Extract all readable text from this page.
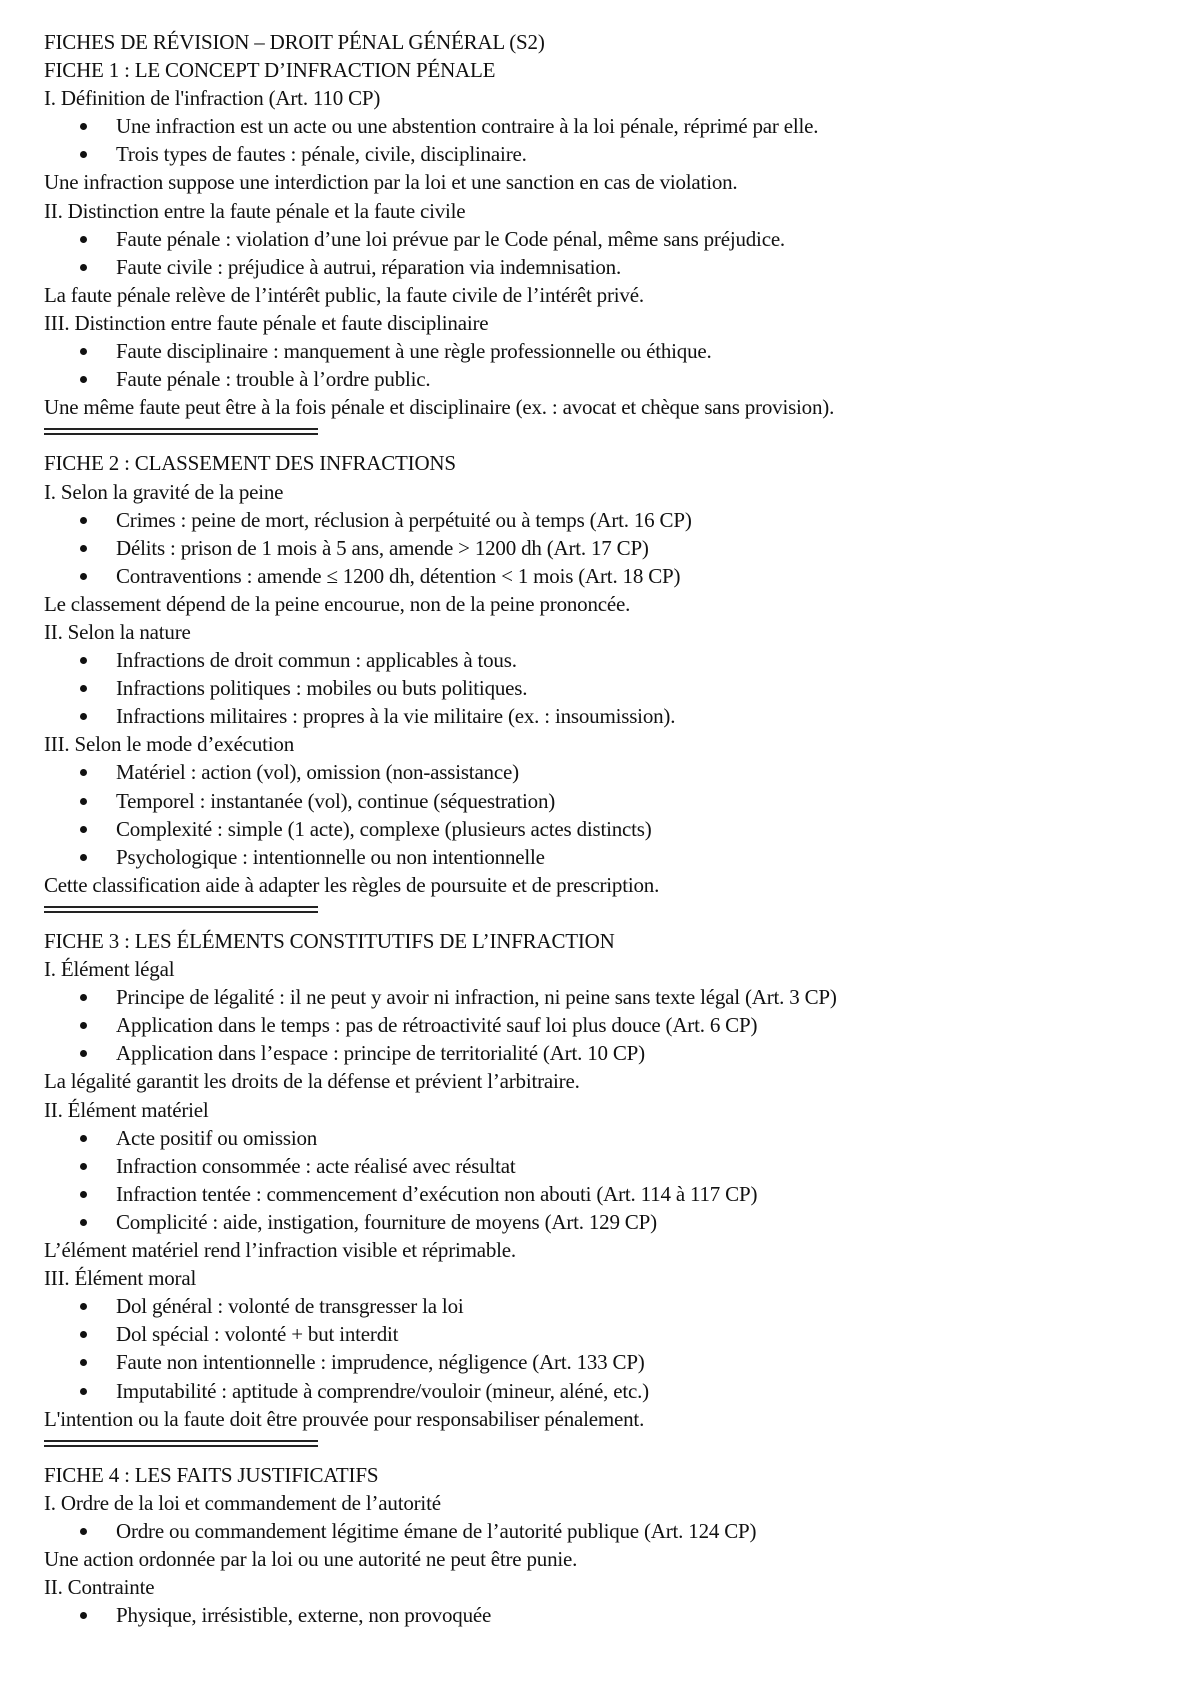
FICHES DE RÉVISION – DROIT PÉNAL GÉNÉRAL (S2)
FICHE 1 : LE CONCEPT D’INFRACTION PÉNALE
I. Définition de l'infraction (Art. 110 CP)
Une infraction est un acte ou une abstention contraire à la loi pénale, réprimé par elle.
Trois types de fautes : pénale, civile, disciplinaire.
Une infraction suppose une interdiction par la loi et une sanction en cas de violation.
II. Distinction entre la faute pénale et la faute civile
Faute pénale : violation d’une loi prévue par le Code pénal, même sans préjudice.
Faute civile : préjudice à autrui, réparation via indemnisation.
La faute pénale relève de l’intérêt public, la faute civile de l’intérêt privé.
III. Distinction entre faute pénale et faute disciplinaire
Faute disciplinaire : manquement à une règle professionnelle ou éthique.
Faute pénale : trouble à l’ordre public.
Une même faute peut être à la fois pénale et disciplinaire (ex. : avocat et chèque sans provision).
FICHE 2 : CLASSEMENT DES INFRACTIONS
I. Selon la gravité de la peine
Crimes : peine de mort, réclusion à perpétuité ou à temps (Art. 16 CP)
Délits : prison de 1 mois à 5 ans, amende > 1200 dh (Art. 17 CP)
Contraventions : amende ≤ 1200 dh, détention < 1 mois (Art. 18 CP)
Le classement dépend de la peine encourue, non de la peine prononcée.
II. Selon la nature
Infractions de droit commun : applicables à tous.
Infractions politiques : mobiles ou buts politiques.
Infractions militaires : propres à la vie militaire (ex. : insoumission).
III. Selon le mode d’exécution
Matériel : action (vol), omission (non-assistance)
Temporel : instantanée (vol), continue (séquestration)
Complexité : simple (1 acte), complexe (plusieurs actes distincts)
Psychologique : intentionnelle ou non intentionnelle
Cette classification aide à adapter les règles de poursuite et de prescription.
FICHE 3 : LES ÉLÉMENTS CONSTITUTIFS DE L’INFRACTION
I. Élément légal
Principe de légalité : il ne peut y avoir ni infraction, ni peine sans texte légal (Art. 3 CP)
Application dans le temps : pas de rétroactivité sauf loi plus douce (Art. 6 CP)
Application dans l’espace : principe de territorialité (Art. 10 CP)
La légalité garantit les droits de la défense et prévient l’arbitraire.
II. Élément matériel
Acte positif ou omission
Infraction consommée : acte réalisé avec résultat
Infraction tentée : commencement d’exécution non abouti (Art. 114 à 117 CP)
Complicité : aide, instigation, fourniture de moyens (Art. 129 CP)
L’élément matériel rend l’infraction visible et réprimable.
III. Élément moral
Dol général : volonté de transgresser la loi
Dol spécial : volonté + but interdit
Faute non intentionnelle : imprudence, négligence (Art. 133 CP)
Imputabilité : aptitude à comprendre/vouloir (mineur, aléné, etc.)
L'intention ou la faute doit être prouvée pour responsabiliser pénalement.
FICHE 4 : LES FAITS JUSTIFICATIFS
I. Ordre de la loi et commandement de l’autorité
Ordre ou commandement légitime émane de l’autorité publique (Art. 124 CP)
Une action ordonnée par la loi ou une autorité ne peut être punie.
II. Contrainte
Physique, irrésistible, externe, non provoquée
